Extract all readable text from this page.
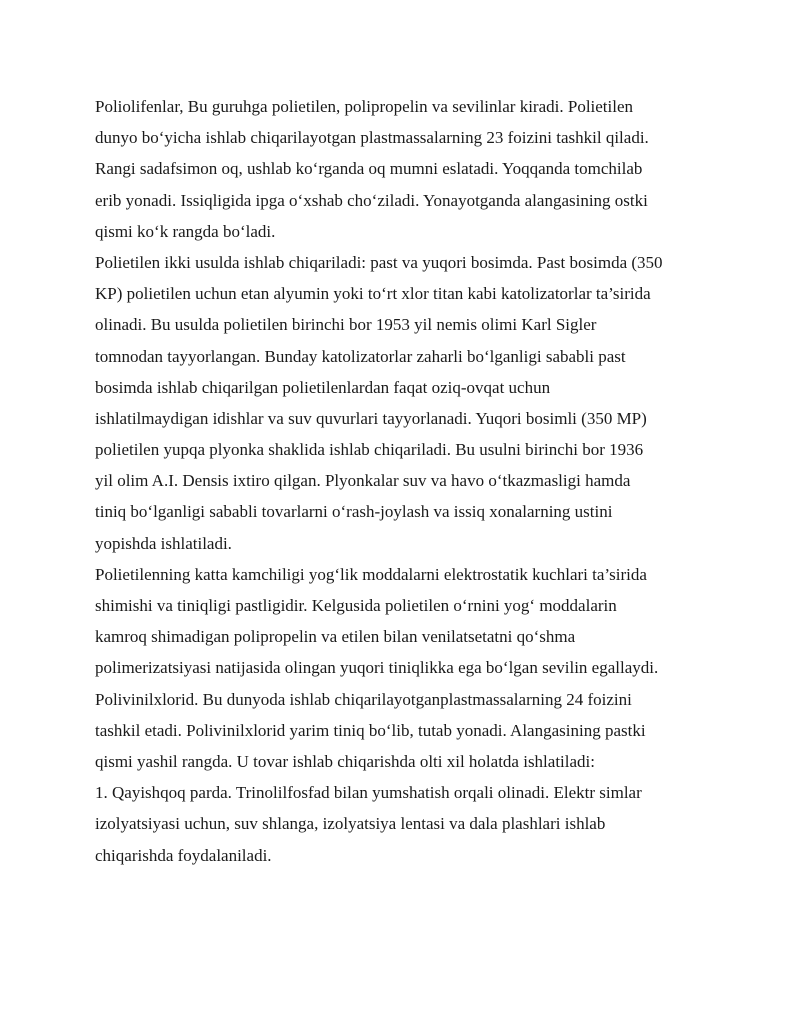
Poliolifenlar, Bu guruhga polietilen, polipropelin va sevilinlar kiradi. Polietilen
dunyo bo‘yicha ishlab chiqarilayotgan plastmassalarning 23 foizini tashkil qiladi.
Rangi sadafsimon oq, ushlab ko‘rganda oq mumni eslatadi. Yoqqanda tomchilab
erib yonadi. Issiqligida ipga o‘xshab cho‘ziladi. Yonayotganda alangasining ostki
qismi ko‘k rangda bo‘ladi.
Polietilen ikki usulda ishlab chiqariladi: past va yuqori bosimda. Past bosimda (350
KP) polietilen uchun etan alyumin yoki to‘rt xlor titan kabi katolizatorlar ta’sirida
olinadi. Bu usulda polietilen birinchi bor 1953 yil nemis olimi Karl Sigler
tomnodan tayyorlangan. Bunday katolizatorlar zaharli bo‘lganligi sababli past
bosimda ishlab chiqarilgan polietilenlardan faqat oziq-ovqat uchun
ishlatilmaydigan idishlar va suv quvurlari tayyorlanadi. Yuqori bosimli (350 MP)
polietilen yupqa plyonka shaklida ishlab chiqariladi. Bu usulni birinchi bor 1936
yil olim A.I. Densis ixtiro qilgan. Plyonkalar suv va havo o‘tkazmasligi hamda
tiniq bo‘lganligi sababli tovarlarni o‘rash-joylash va issiq xonalarning ustini
yopishda ishlatiladi.
Polietilenning katta kamchiligi yog‘lik moddalarni elektrostatik kuchlari ta’sirida
shimishi va tiniqligi pastligidir. Kelgusida polietilen o‘rnini yog‘ moddalarin
kamroq shimadigan polipropelin va etilen bilan venilatsetatni qo‘shma
polimerizatsiyasi natijasida olingan yuqori tiniqlikka ega bo‘lgan sevilin egallaydi.
Polivinilxlorid. Bu dunyoda ishlab chiqarilayotganplastmassalarning 24 foizini
tashkil etadi. Polivinilxlorid yarim tiniq bo‘lib, tutab yonadi. Alangasining pastki
qismi yashil rangda. U tovar ishlab chiqarishda olti xil holatda ishlatiladi:
1. Qayishqoq parda. Trinolilfosfad bilan yumshatish orqali olinadi. Elektr simlar
izolyatsiyasi uchun, suv shlanga, izolyatsiya lentasi va dala plashlari ishlab
chiqarishda foydalaniladi.
